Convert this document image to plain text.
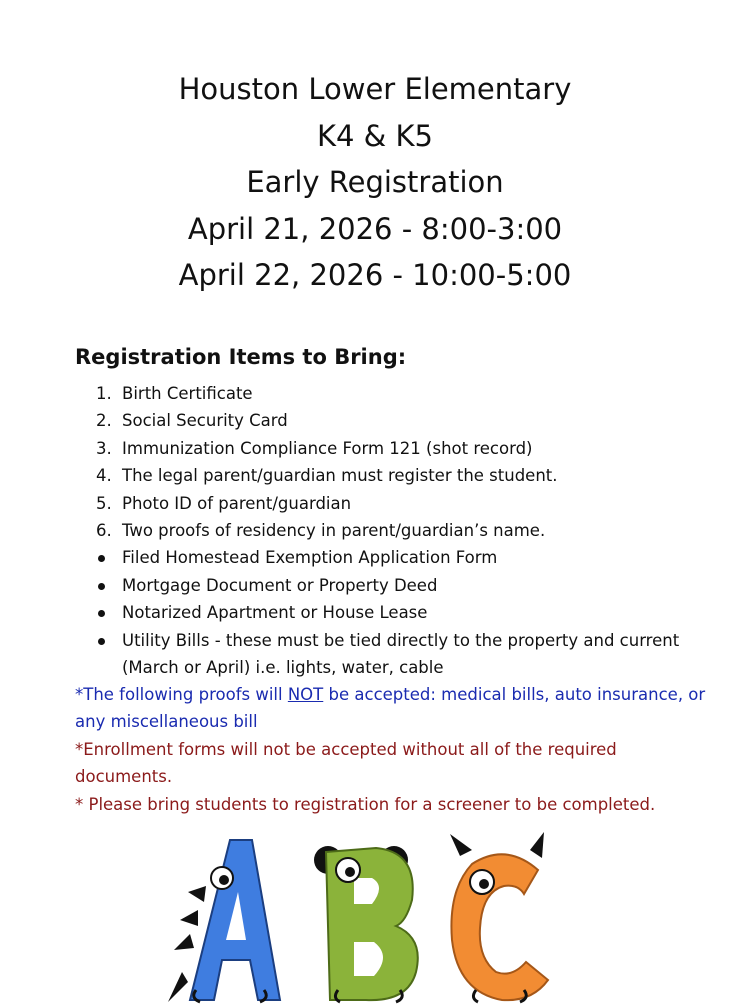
Houston Lower Elementary
K4 & K5
Early Registration
April 21, 2026 - 8:00-3:00
April 22, 2026 - 10:00-5:00
Registration Items to Bring:
1. Birth Certificate
2. Social Security Card
3. Immunization Compliance Form 121 (shot record)
4. The legal parent/guardian must register the student.
5. Photo ID of parent/guardian
6. Two proofs of residency in parent/guardian’s name.
Filed Homestead Exemption Application Form
Mortgage Document or Property Deed
Notarized Apartment or House Lease
Utility Bills - these must be tied directly to the property and current
(March or April) i.e. lights, water, cable
*The following proofs will NOT be accepted: medical bills, auto insurance, or
any miscellaneous bill
*Enrollment forms will not be accepted without all of the required
documents.
* Please bring students to registration for a screener to be completed.
